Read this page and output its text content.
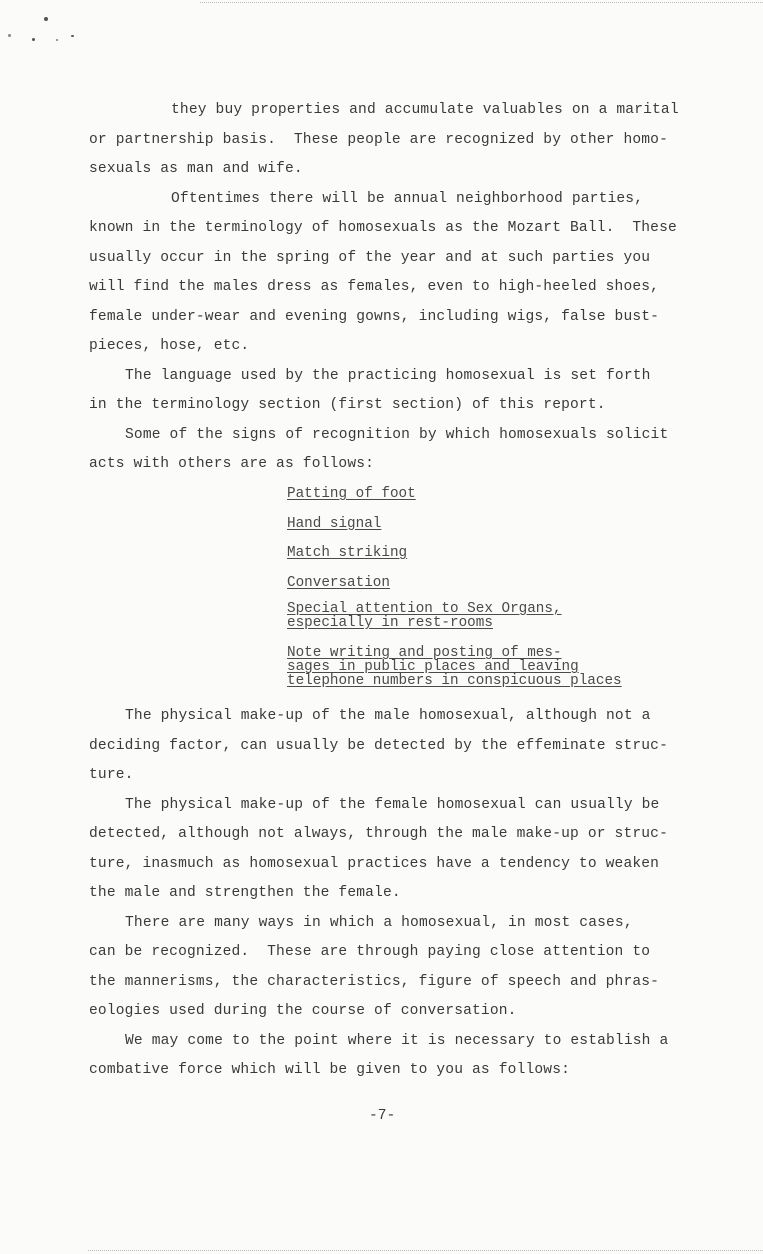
they buy properties and accumulate valuables on a marital
or partnership basis.  These people are recognized by other homo-
sexuals as man and wife.
Oftentimes there will be annual neighborhood parties,
known in the terminology of homosexuals as the Mozart Ball.  These
usually occur in the spring of the year and at such parties you
will find the males dress as females, even to high-heeled shoes,
female under-wear and evening gowns, including wigs, false bust-
pieces, hose, etc.
The language used by the practicing homosexual is set forth
in the terminology section (first section) of this report.
Some of the signs of recognition by which homosexuals solicit
acts with others are as follows:
Patting of foot
Hand signal
Match striking
Conversation
Special attention to Sex Organs,
especially in rest-rooms
Note writing and posting of mes-
sages in public places and leaving
telephone numbers in conspicuous places
The physical make-up of the male homosexual, although not a
deciding factor, can usually be detected by the effeminate struc-
ture.
The physical make-up of the female homosexual can usually be
detected, although not always, through the male make-up or struc-
ture, inasmuch as homosexual practices have a tendency to weaken
the male and strengthen the female.
There are many ways in which a homosexual, in most cases,
can be recognized.  These are through paying close attention to
the mannerisms, the characteristics, figure of speech and phras-
eologies used during the course of conversation.
We may come to the point where it is necessary to establish a
combative force which will be given to you as follows:
-7-
